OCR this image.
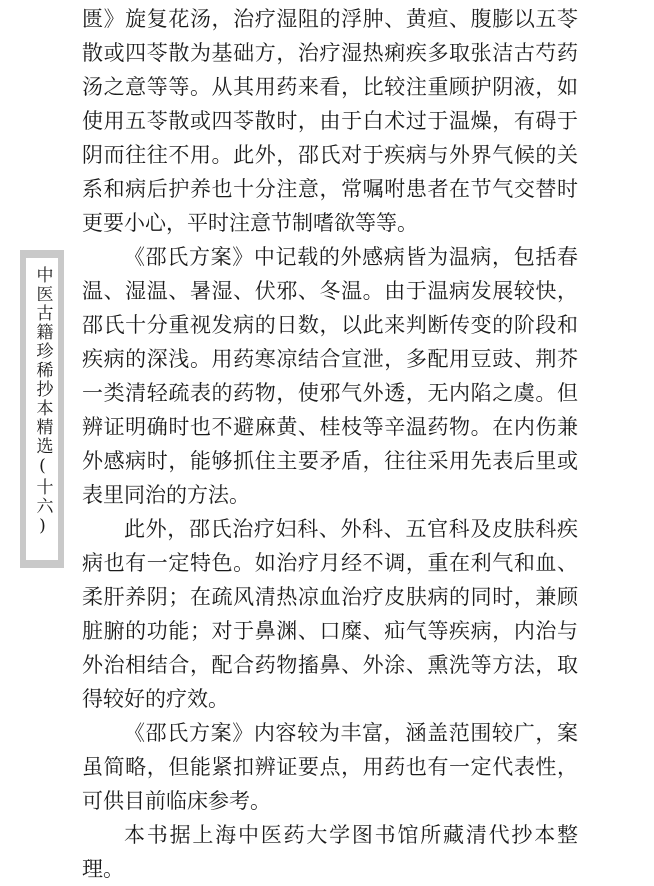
中医古籍珍稀抄本精选(十六)

匮》旋复花汤，治疗湿阻的浮肿、黄疸、腹膨以五苓散或四苓散为基础方，治疗湿热痢疾多取张洁古芍药汤之意等等。从其用药来看，比较注重顾护阴液，如使用五苓散或四苓散时，由于白术过于温燥，有碍于阴而往往不用。此外，邵氏对于疾病与外界气候的关系和病后护养也十分注意，常嘱咐患者在节气交替时更要小心，平时注意节制嗜欲等等。

《邵氏方案》中记载的外感病皆为温病，包括春温、湿温、暑湿、伏邪、冬温。由于温病发展较快，邵氏十分重视发病的日数，以此来判断传变的阶段和疾病的深浅。用药寒凉结合宣泄，多配用豆豉、荆芥一类清轻疏表的药物，使邪气外透，无内陷之虞。但辨证明确时也不避麻黄、桂枝等辛温药物。在内伤兼外感病时，能够抓住主要矛盾，往往采用先表后里或表里同治的方法。

此外，邵氏治疗妇科、外科、五官科及皮肤科疾病也有一定特色。如治疗月经不调，重在利气和血、柔肝养阴；在疏风清热凉血治疗皮肤病的同时，兼顾脏腑的功能；对于鼻渊、口糜、疝气等疾病，内治与外治相结合，配合药物搐鼻、外涂、熏洗等方法，取得较好的疗效。

《邵氏方案》内容较为丰富，涵盖范围较广，案虽简略，但能紧扣辨证要点，用药也有一定代表性，可供目前临床参考。

本书据上海中医药大学图书馆所藏清代抄本整理。
